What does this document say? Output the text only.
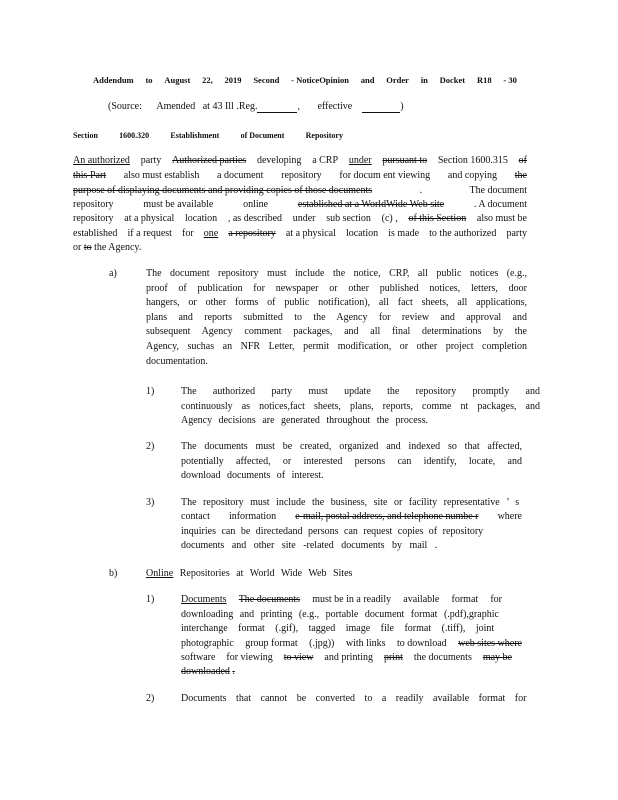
Addendum to August 22, 2019 Second - NoticeOpinion and Order in Docket R18 - 30
(Source: Amended at 43 Ill .Reg.	, effective	)
Section	1600.320	Establishment	of Document	Repository
An authorized party Authorized parties developing a CRP under pursuant to Section 1600.315 of
this Part also must establish a document repository for docum ent viewing and copying the
purpose of displaying documents and providing copies of those documents	.	The document
repository	must be available	online	established at a WorldWide Web site	. A document
repository at a physical location , as described under sub section (c) , of this Section also must be
established if a request for one a repository at a physical location is made to the authorized party
or to the Agency.
a)	The document repository must include the notice, CRP, all public notices (e.g.,
proof of publication for newspaper or other published notices, letters, door
hangers, or other forms of public notification), all fact sheets, all applications,
plans and reports submitted to the Agency for review and approval and
subsequent Agency comment packages, and all final determinations by the
Agency, suchas an NFR Letter, permit modification, or other project completion
documentation.
1)	The authorized party must update the repository promptly and
continuously as notices,fact sheets, plans, reports, comme nt packages, and
Agency decisions are generated throughout the process.
2)	The documents must be created, organized and indexed so that affected,
potentially affected, or interested persons can identify, locate, and
download documents of interest.
3)	The repository must include the business, site or facility representative ’ s
contact information e-mail, postal address, and telephone numbe r where
inquiries can be directedand persons can request copies of repository
documents and other site -related documents by mail .
b)	Online Repositories at World Wide Web Sites
1)	Documents The documents must be in a readily available format for
downloading and printing (e.g., portable document format (.pdf),graphic
interchange format (.gif), tagged image file format (.tiff), joint
photographic group format (.jpg)) with links to download web sites where
software for viewing to view and printing print the documents may be
downloaded .
2)	Documents that cannot be converted to a readily available format for
